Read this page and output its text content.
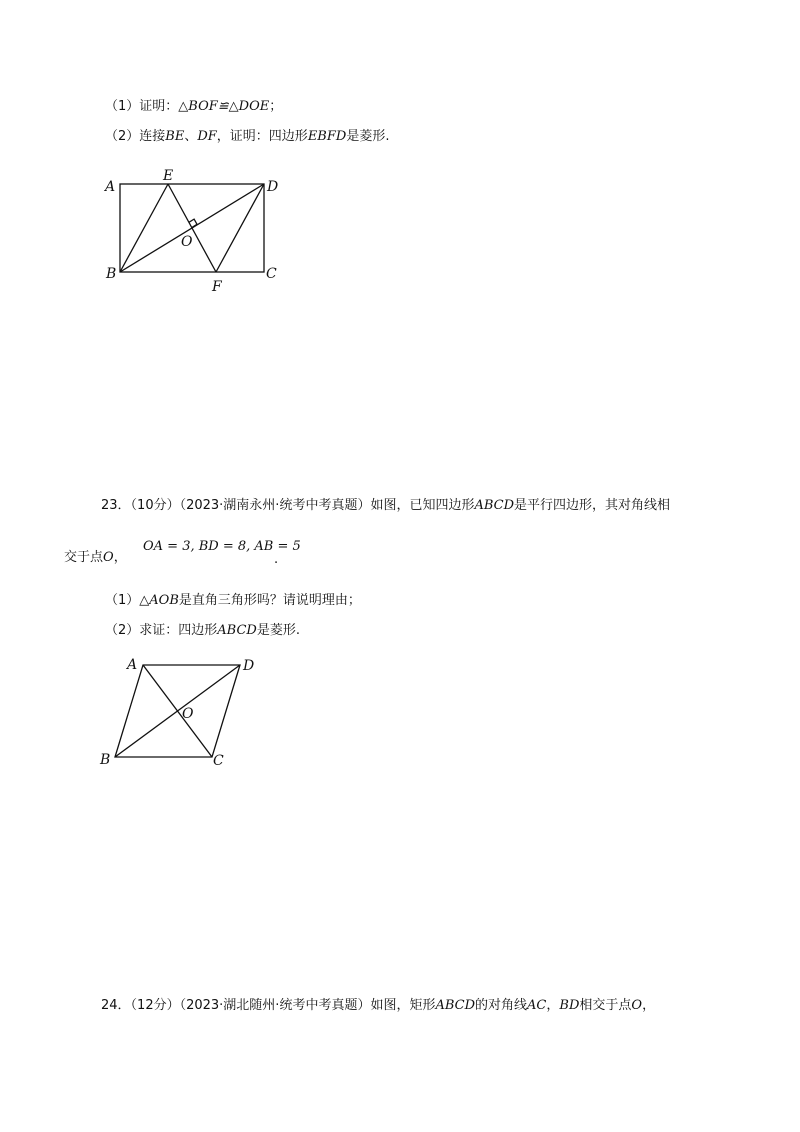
（1）证明：△BOF≌△DOE；
（2）连接BE、DF，证明：四边形EBFD是菱形.
A
E
D
O
B
F
C
23．（10分）（2023·湖南永州·统考中考真题）如图，已知四边形ABCD是平行四边形，其对角线相
交于点O，
OA = 3, BD = 8, AB = 5
.
（1）△AOB是直角三角形吗？请说明理由；
（2）求证：四边形ABCD是菱形.
A	D
O
B	C
24．（12分）（2023·湖北随州·统考中考真题）如图，矩形ABCD的对角线AC，BD相交于点O，
